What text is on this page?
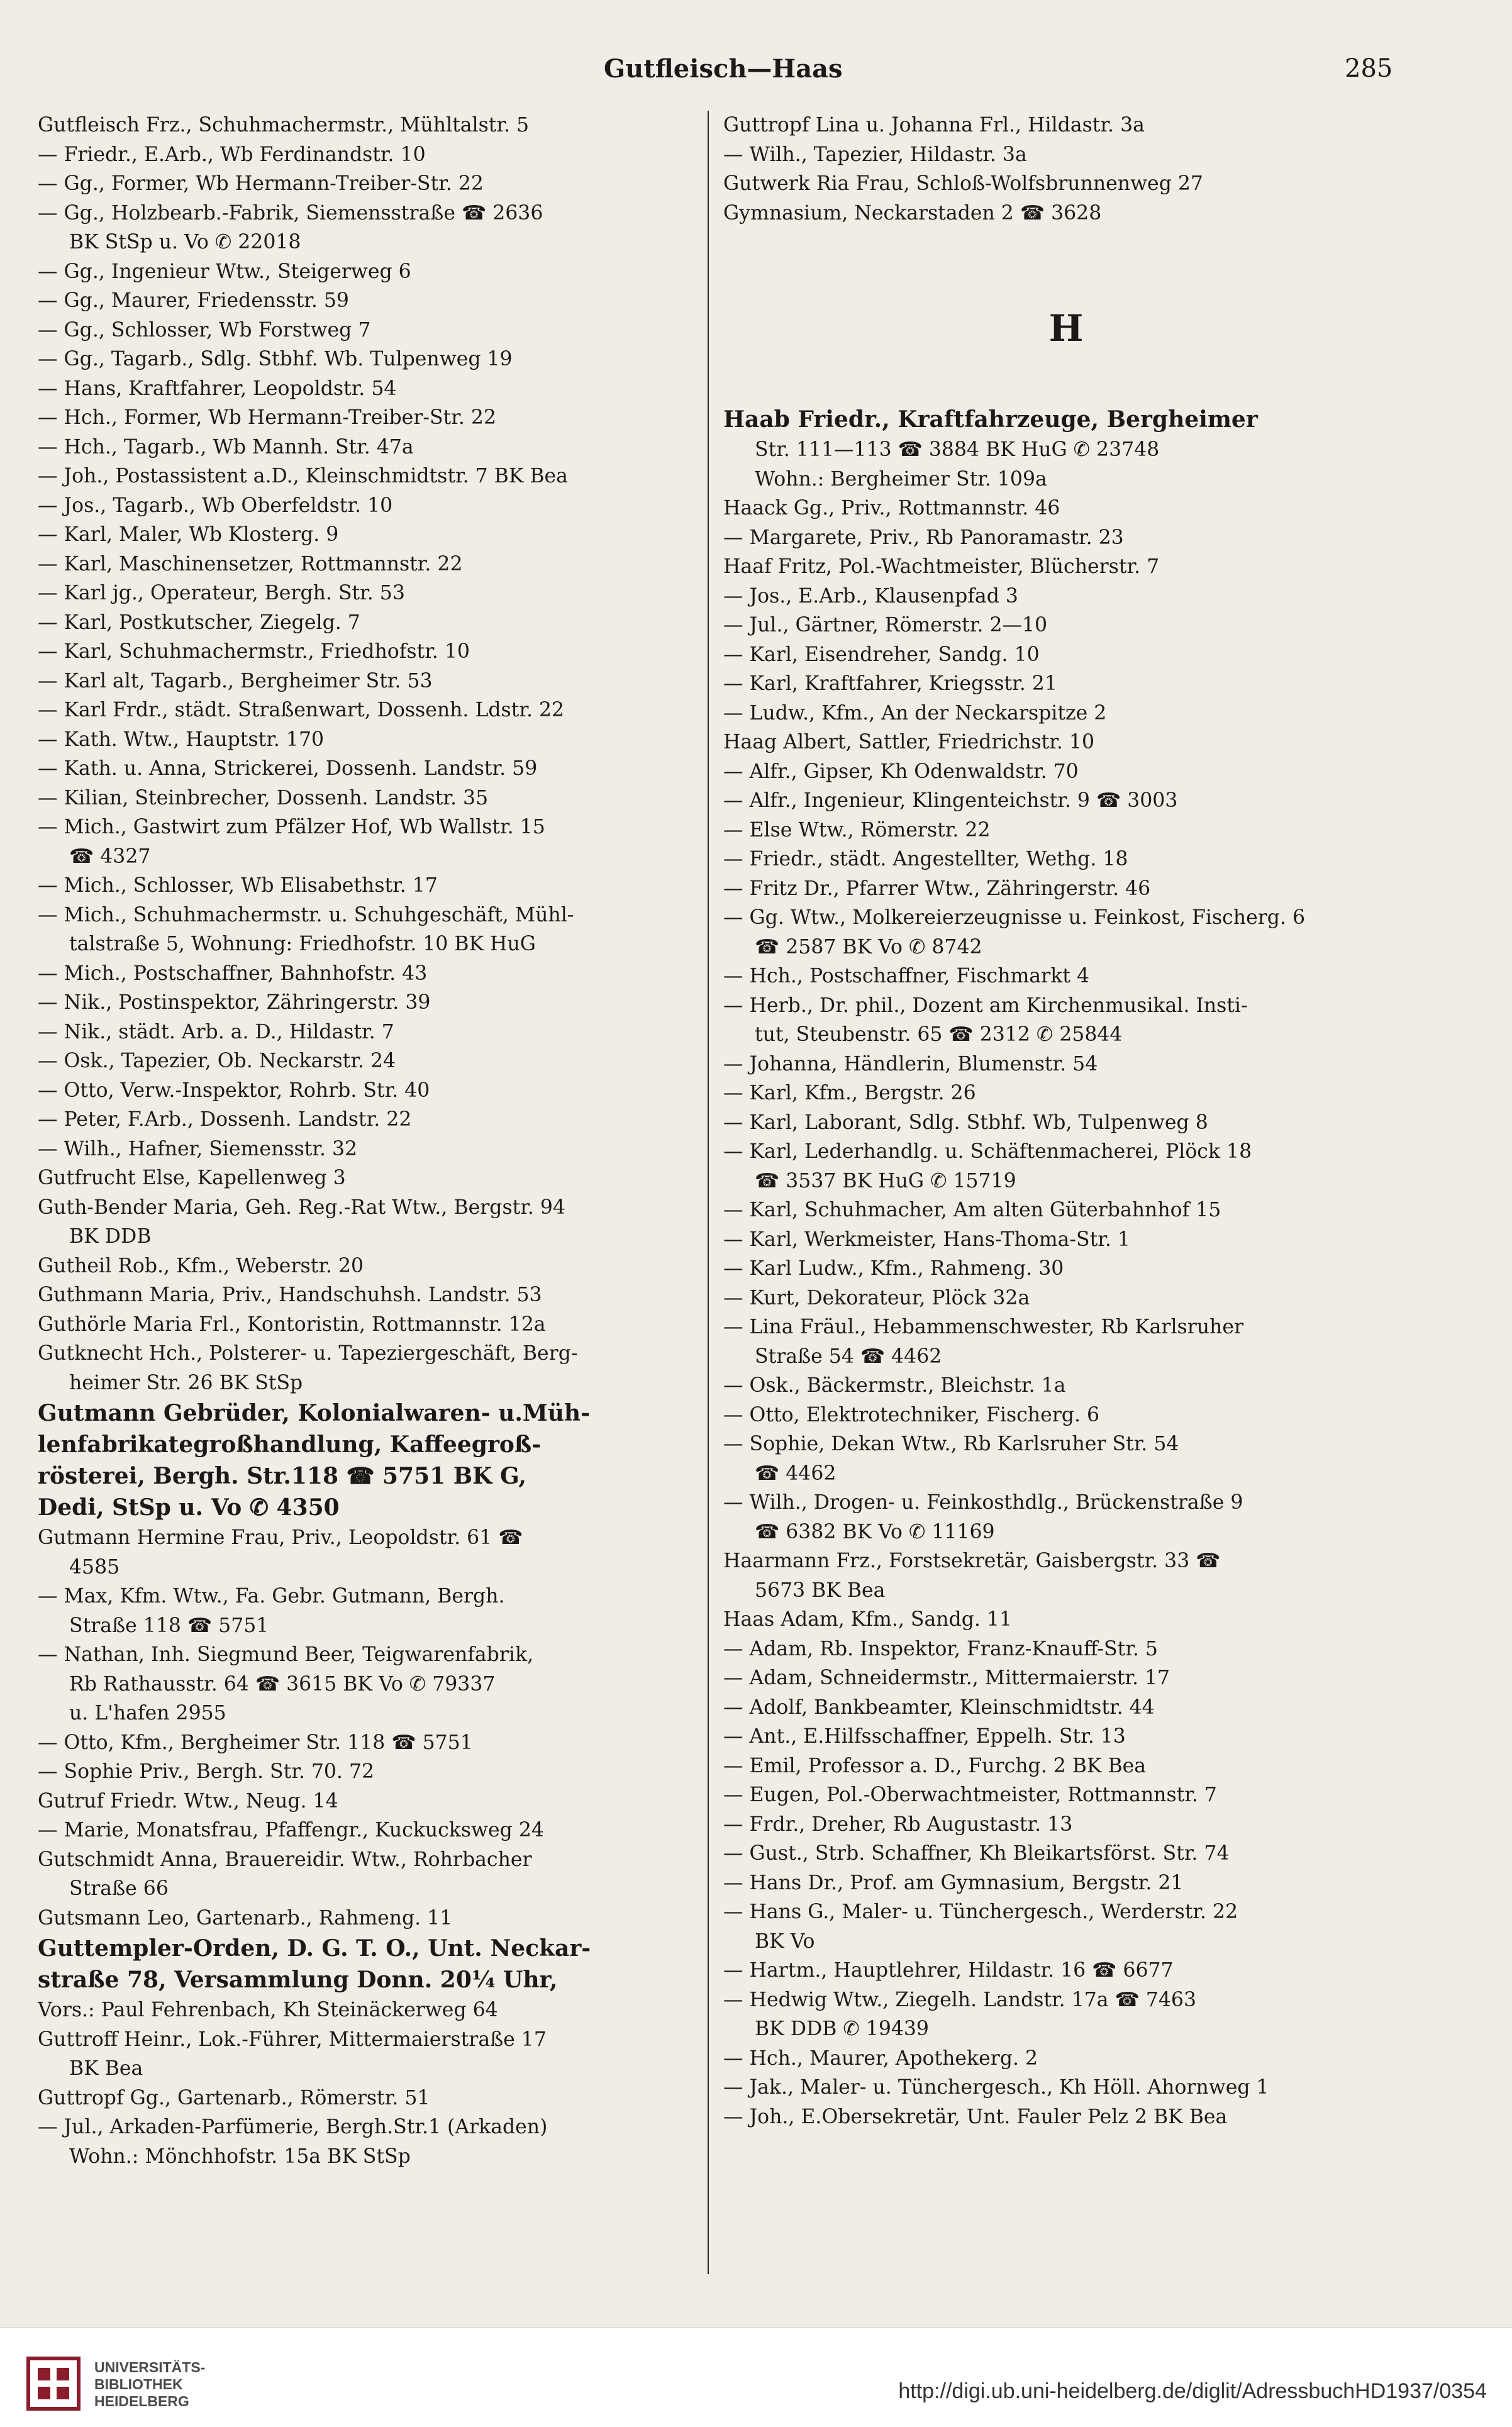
Gutfleisch—Haas	285

Gutfleisch Frz., Schuhmachermstr., Mühltalstr. 5

— Friedr., E.Arb., Wb Ferdinandstr. 10

— Gg., Former, Wb Hermann-Treiber-Str. 22

— Gg., Holzbearb.-Fabrik, Siemensstraße ☎ 2636

BK StSp u. Vo ✆ 22018

— Gg., Ingenieur Wtw., Steigerweg 6

— Gg., Maurer, Friedensstr. 59

— Gg., Schlosser, Wb Forstweg 7

— Gg., Tagarb., Sdlg. Stbhf. Wb. Tulpenweg 19

— Hans, Kraftfahrer, Leopoldstr. 54

— Hch., Former, Wb Hermann-Treiber-Str. 22

— Hch., Tagarb., Wb Mannh. Str. 47a

— Joh., Postassistent a.D., Kleinschmidtstr. 7 BK Bea

— Jos., Tagarb., Wb Oberfeldstr. 10

— Karl, Maler, Wb Klosterg. 9

— Karl, Maschinensetzer, Rottmannstr. 22

— Karl jg., Operateur, Bergh. Str. 53

— Karl, Postkutscher, Ziegelg. 7

— Karl, Schuhmachermstr., Friedhofstr. 10

— Karl alt, Tagarb., Bergheimer Str. 53

— Karl Frdr., städt. Straßenwart, Dossenh. Ldstr. 22

— Kath. Wtw., Hauptstr. 170

— Kath. u. Anna, Strickerei, Dossenh. Landstr. 59

— Kilian, Steinbrecher, Dossenh. Landstr. 35

— Mich., Gastwirt zum Pfälzer Hof, Wb Wallstr. 15

☎ 4327

— Mich., Schlosser, Wb Elisabethstr. 17

— Mich., Schuhmachermstr. u. Schuhgeschäft, Mühl-

talstraße 5, Wohnung: Friedhofstr. 10 BK HuG

— Mich., Postschaffner, Bahnhofstr. 43

— Nik., Postinspektor, Zähringerstr. 39

— Nik., städt. Arb. a. D., Hildastr. 7

— Osk., Tapezier, Ob. Neckarstr. 24

— Otto, Verw.-Inspektor, Rohrb. Str. 40

— Peter, F.Arb., Dossenh. Landstr. 22

— Wilh., Hafner, Siemensstr. 32

Gutfrucht Else, Kapellenweg 3

Guth-Bender Maria, Geh. Reg.-Rat Wtw., Bergstr. 94

BK DDB

Gutheil Rob., Kfm., Weberstr. 20

Guthmann Maria, Priv., Handschuhsh. Landstr. 53

Guthörle Maria Frl., Kontoristin, Rottmannstr. 12a

Gutknecht Hch., Polsterer- u. Tapeziergeschäft, Berg-

heimer Str. 26 BK StSp

Gutmann Gebrüder, Kolonialwaren- u.Müh-

lenfabrikategroßhandlung, Kaffeegroß-

rösterei, Bergh. Str.118 ☎ 5751 BK G,

Dedi, StSp u. Vo ✆ 4350

Gutmann Hermine Frau, Priv., Leopoldstr. 61 ☎

4585

— Max, Kfm. Wtw., Fa. Gebr. Gutmann, Bergh.

Straße 118 ☎ 5751

— Nathan, Inh. Siegmund Beer, Teigwarenfabrik,

Rb Rathausstr. 64 ☎ 3615 BK Vo ✆ 79337

u. L'hafen 2955

— Otto, Kfm., Bergheimer Str. 118 ☎ 5751

— Sophie Priv., Bergh. Str. 70. 72

Gutruf Friedr. Wtw., Neug. 14

— Marie, Monatsfrau, Pfaffengr., Kuckucksweg 24

Gutschmidt Anna, Brauereidir. Wtw., Rohrbacher

Straße 66

Gutsmann Leo, Gartenarb., Rahmeng. 11

Guttempler-Orden, D. G. T. O., Unt. Neckar-

straße 78, Versammlung Donn. 20¼ Uhr,

Vors.: Paul Fehrenbach, Kh Steinäckerweg 64

Guttroff Heinr., Lok.-Führer, Mittermaierstraße 17

BK Bea

Guttropf Gg., Gartenarb., Römerstr. 51

— Jul., Arkaden-Parfümerie, Bergh.Str.1 (Arkaden)

Wohn.: Mönchhofstr. 15a BK StSp

Guttropf Lina u. Johanna Frl., Hildastr. 3a

— Wilh., Tapezier, Hildastr. 3a

Gutwerk Ria Frau, Schloß-Wolfsbrunnenweg 27

Gymnasium, Neckarstaden 2 ☎ 3628

H

Haab Friedr., Kraftfahrzeuge, Bergheimer

Str. 111—113 ☎ 3884 BK HuG ✆ 23748

Wohn.: Bergheimer Str. 109a

Haack Gg., Priv., Rottmannstr. 46

— Margarete, Priv., Rb Panoramastr. 23

Haaf Fritz, Pol.-Wachtmeister, Blücherstr. 7

— Jos., E.Arb., Klausenpfad 3

— Jul., Gärtner, Römerstr. 2—10

— Karl, Eisendreher, Sandg. 10

— Karl, Kraftfahrer, Kriegsstr. 21

— Ludw., Kfm., An der Neckarspitze 2

Haag Albert, Sattler, Friedrichstr. 10

— Alfr., Gipser, Kh Odenwaldstr. 70

— Alfr., Ingenieur, Klingenteichstr. 9 ☎ 3003

— Else Wtw., Römerstr. 22

— Friedr., städt. Angestellter, Wethg. 18

— Fritz Dr., Pfarrer Wtw., Zähringerstr. 46

— Gg. Wtw., Molkereierzeugnisse u. Feinkost, Fischerg. 6

☎ 2587 BK Vo ✆ 8742

— Hch., Postschaffner, Fischmarkt 4

— Herb., Dr. phil., Dozent am Kirchenmusikal. Insti-

tut, Steubenstr. 65 ☎ 2312 ✆ 25844

— Johanna, Händlerin, Blumenstr. 54

— Karl, Kfm., Bergstr. 26

— Karl, Laborant, Sdlg. Stbhf. Wb, Tulpenweg 8

— Karl, Lederhandlg. u. Schäftenmacherei, Plöck 18

☎ 3537 BK HuG ✆ 15719

— Karl, Schuhmacher, Am alten Güterbahnhof 15

— Karl, Werkmeister, Hans-Thoma-Str. 1

— Karl Ludw., Kfm., Rahmeng. 30

— Kurt, Dekorateur, Plöck 32a

— Lina Fräul., Hebammenschwester, Rb Karlsruher

Straße 54 ☎ 4462

— Osk., Bäckermstr., Bleichstr. 1a

— Otto, Elektrotechniker, Fischerg. 6

— Sophie, Dekan Wtw., Rb Karlsruher Str. 54

☎ 4462

— Wilh., Drogen- u. Feinkosthdlg., Brückenstraße 9

☎ 6382 BK Vo ✆ 11169

Haarmann Frz., Forstsekretär, Gaisbergstr. 33 ☎

5673 BK Bea

Haas Adam, Kfm., Sandg. 11

— Adam, Rb. Inspektor, Franz-Knauff-Str. 5

— Adam, Schneidermstr., Mittermaierstr. 17

— Adolf, Bankbeamter, Kleinschmidtstr. 44

— Ant., E.Hilfsschaffner, Eppelh. Str. 13

— Emil, Professor a. D., Furchg. 2 BK Bea

— Eugen, Pol.-Oberwachtmeister, Rottmannstr. 7

— Frdr., Dreher, Rb Augustastr. 13

— Gust., Strb. Schaffner, Kh Bleikartsförst. Str. 74

— Hans Dr., Prof. am Gymnasium, Bergstr. 21

— Hans G., Maler- u. Tünchergesch., Werderstr. 22

BK Vo

— Hartm., Hauptlehrer, Hildastr. 16 ☎ 6677

— Hedwig Wtw., Ziegelh. Landstr. 17a ☎ 7463

BK DDB ✆ 19439

— Hch., Maurer, Apothekerg. 2

— Jak., Maler- u. Tünchergesch., Kh Höll. Ahornweg 1

— Joh., E.Obersekretär, Unt. Fauler Pelz 2 BK Bea

UNIVERSITÄTS-
BIBLIOTHEK
HEIDELBERG	http://digi.ub.uni-heidelberg.de/diglit/AdressbuchHD1937/0354
